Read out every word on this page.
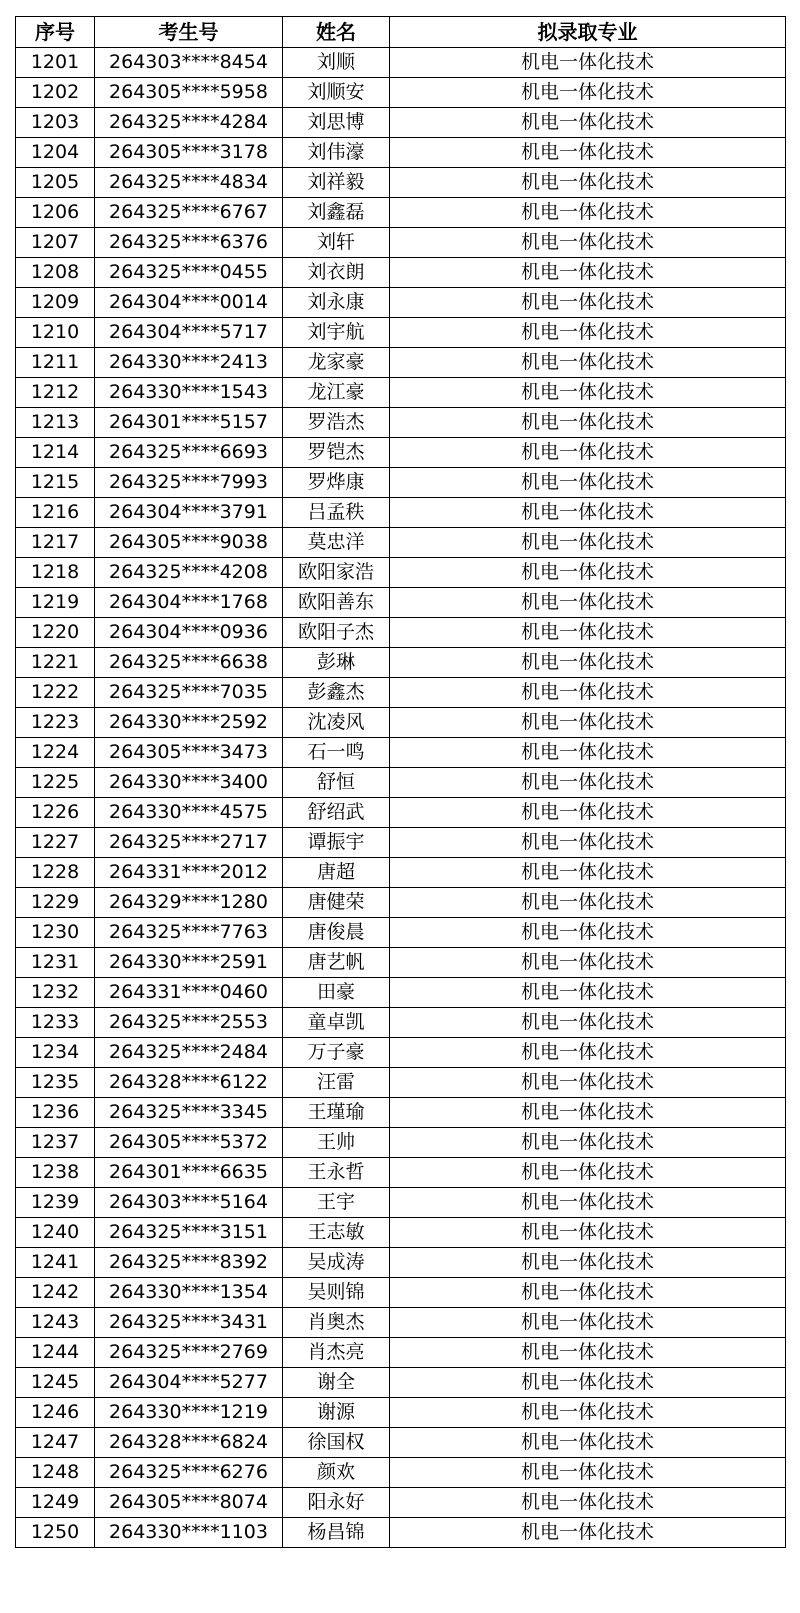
序号	考生号	姓名	拟录取专业
1201	264303****8454	刘顺	机电一体化技术
1202	264305****5958	刘顺安	机电一体化技术
1203	264325****4284	刘思博	机电一体化技术
1204	264305****3178	刘伟濠	机电一体化技术
1205	264325****4834	刘祥毅	机电一体化技术
1206	264325****6767	刘鑫磊	机电一体化技术
1207	264325****6376	刘轩	机电一体化技术
1208	264325****0455	刘衣朗	机电一体化技术
1209	264304****0014	刘永康	机电一体化技术
1210	264304****5717	刘宇航	机电一体化技术
1211	264330****2413	龙家豪	机电一体化技术
1212	264330****1543	龙江豪	机电一体化技术
1213	264301****5157	罗浩杰	机电一体化技术
1214	264325****6693	罗铠杰	机电一体化技术
1215	264325****7993	罗烨康	机电一体化技术
1216	264304****3791	吕孟秩	机电一体化技术
1217	264305****9038	莫忠洋	机电一体化技术
1218	264325****4208	欧阳家浩	机电一体化技术
1219	264304****1768	欧阳善东	机电一体化技术
1220	264304****0936	欧阳子杰	机电一体化技术
1221	264325****6638	彭琳	机电一体化技术
1222	264325****7035	彭鑫杰	机电一体化技术
1223	264330****2592	沈凌风	机电一体化技术
1224	264305****3473	石一鸣	机电一体化技术
1225	264330****3400	舒恒	机电一体化技术
1226	264330****4575	舒绍武	机电一体化技术
1227	264325****2717	谭振宇	机电一体化技术
1228	264331****2012	唐超	机电一体化技术
1229	264329****1280	唐健荣	机电一体化技术
1230	264325****7763	唐俊晨	机电一体化技术
1231	264330****2591	唐艺帆	机电一体化技术
1232	264331****0460	田豪	机电一体化技术
1233	264325****2553	童卓凯	机电一体化技术
1234	264325****2484	万子豪	机电一体化技术
1235	264328****6122	汪雷	机电一体化技术
1236	264325****3345	王瑾瑜	机电一体化技术
1237	264305****5372	王帅	机电一体化技术
1238	264301****6635	王永哲	机电一体化技术
1239	264303****5164	王宇	机电一体化技术
1240	264325****3151	王志敏	机电一体化技术
1241	264325****8392	吴成涛	机电一体化技术
1242	264330****1354	吴则锦	机电一体化技术
1243	264325****3431	肖奥杰	机电一体化技术
1244	264325****2769	肖杰亮	机电一体化技术
1245	264304****5277	谢全	机电一体化技术
1246	264330****1219	谢源	机电一体化技术
1247	264328****6824	徐国权	机电一体化技术
1248	264325****6276	颜欢	机电一体化技术
1249	264305****8074	阳永好	机电一体化技术
1250	264330****1103	杨昌锦	机电一体化技术
